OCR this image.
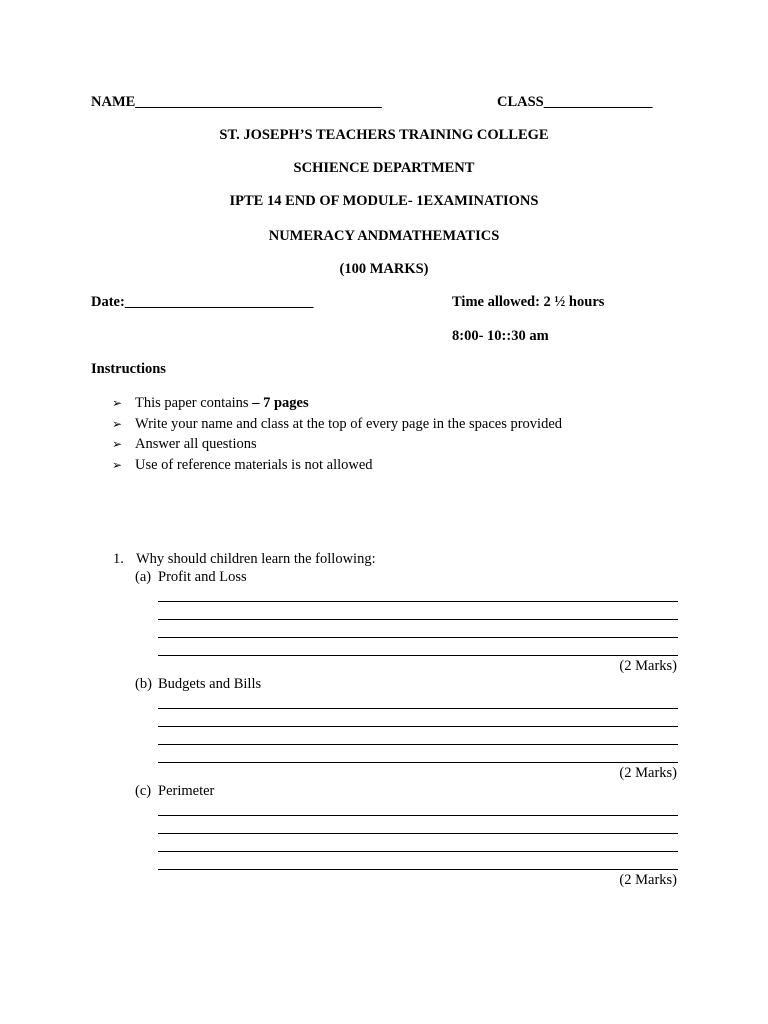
NAME__________________________________	CLASS_______________
ST. JOSEPH’S TEACHERS TRAINING COLLEGE
SCHIENCE DEPARTMENT
IPTE 14 END OF MODULE- 1EXAMINATIONS
NUMERACY ANDMATHEMATICS
(100 MARKS)
Date:__________________________	Time allowed: 2 ½ hours
8:00- 10::30 am
Instructions
➢ This paper contains – 7 pages
➢ Write your name and class at the top of every page in the spaces provided
➢ Answer all questions
➢ Use of reference materials is not allowed
1. Why should children learn the following:
(a) Profit and Loss
(2 Marks)
(b) Budgets and Bills
(2 Marks)
(c) Perimeter
(2 Marks)
